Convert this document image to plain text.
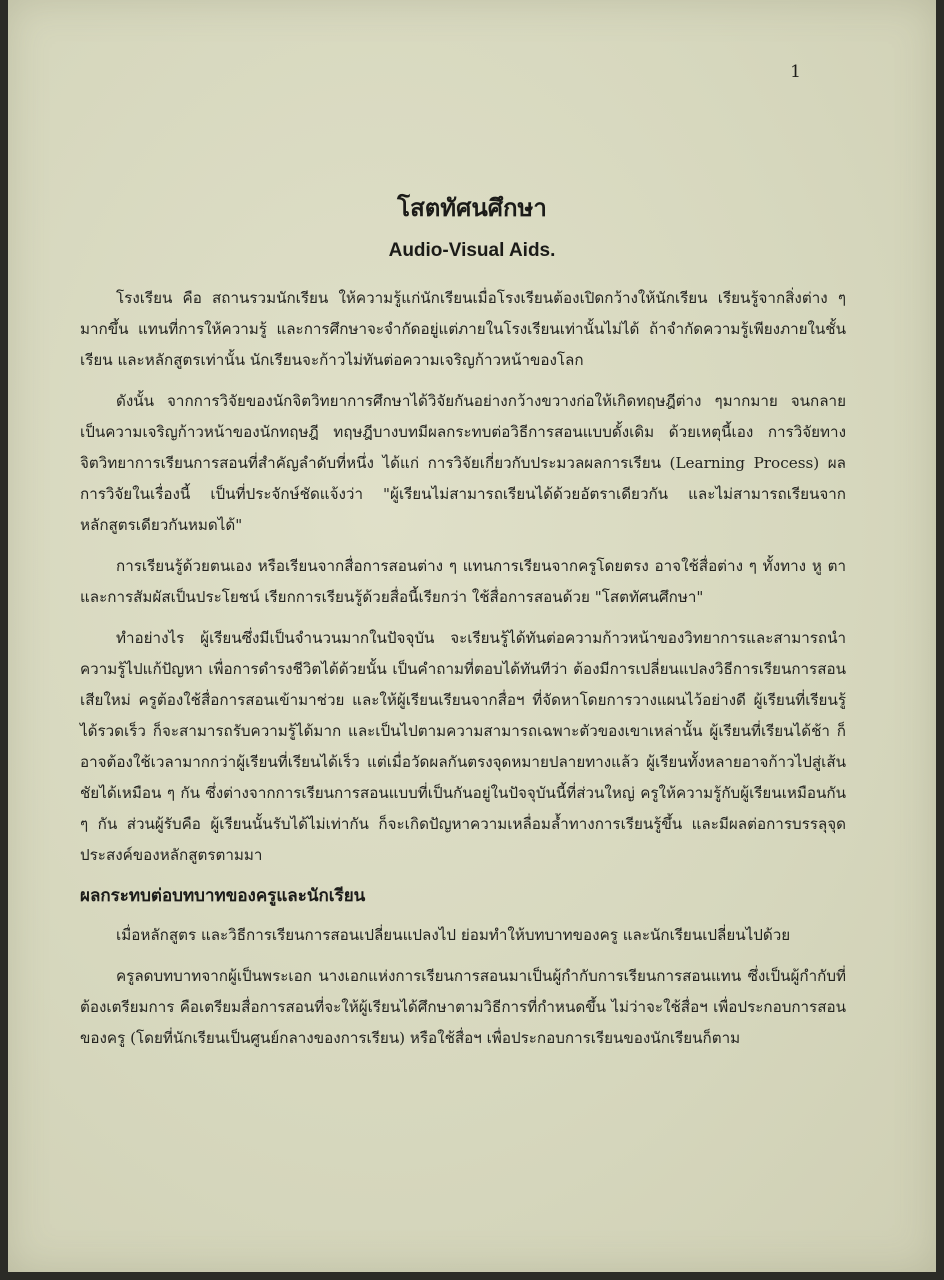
1
โสตทัศนศึกษา
Audio-Visual Aids.

โรงเรียน คือ สถานรวมนักเรียน ให้ความรู้แก่นักเรียนเมื่อโรงเรียนต้องเปิดกว้างให้นักเรียน เรียนรู้จากสิ่งต่าง ๆ มากขึ้น แทนที่การให้ความรู้ และการศึกษาจะจำกัดอยู่แต่ภายในโรงเรียนเท่านั้นไม่ได้ ถ้าจำกัดความรู้เพียงภายในชั้นเรียน และหลักสูตรเท่านั้น นักเรียนจะก้าวไม่ทันต่อความเจริญก้าวหน้าของโลก

ดังนั้น จากการวิจัยของนักจิตวิทยาการศึกษาได้วิจัยกันอย่างกว้างขวางก่อให้เกิดทฤษฎีต่าง ๆมากมาย จนกลายเป็นความเจริญก้าวหน้าของนักทฤษฎี ทฤษฎีบางบทมีผลกระทบต่อวิธีการสอนแบบดั้งเดิม ด้วยเหตุนี้เอง การวิจัยทางจิตวิทยาการเรียนการสอนที่สำคัญลำดับที่หนึ่ง ได้แก่ การวิจัยเกี่ยวกับประมวลผลการเรียน (Learning Process) ผลการวิจัยในเรื่องนี้ เป็นที่ประจักษ์ชัดแจ้งว่า "ผู้เรียนไม่สามารถเรียนได้ด้วยอัตราเดียวกัน และไม่สามารถเรียนจากหลักสูตรเดียวกันหมดได้"

การเรียนรู้ด้วยตนเอง หรือเรียนจากสื่อการสอนต่าง ๆ แทนการเรียนจากครูโดยตรง อาจใช้สื่อต่าง ๆ ทั้งทาง หู ตา และการสัมผัสเป็นประโยชน์ เรียกการเรียนรู้ด้วยสื่อนี้เรียกว่า ใช้สื่อการสอนด้วย "โสตทัศนศึกษา"

ทำอย่างไร ผู้เรียนซึ่งมีเป็นจำนวนมากในปัจจุบัน จะเรียนรู้ได้ทันต่อความก้าวหน้าของวิทยาการและสามารถนำความรู้ไปแก้ปัญหา เพื่อการดำรงชีวิตได้ด้วยนั้น เป็นคำถามที่ตอบได้ทันทีว่า ต้องมีการเปลี่ยนแปลงวิธีการเรียนการสอนเสียใหม่ ครูต้องใช้สื่อการสอนเข้ามาช่วย และให้ผู้เรียนเรียนจากสื่อฯ ที่จัดหาโดยการวางแผนไว้อย่างดี ผู้เรียนที่เรียนรู้ได้รวดเร็ว ก็จะสามารถรับความรู้ได้มาก และเป็นไปตามความสามารถเฉพาะตัวของเขาเหล่านั้น ผู้เรียนที่เรียนได้ช้า ก็อาจต้องใช้เวลามากกว่าผู้เรียนที่เรียนได้เร็ว แต่เมื่อวัดผลกันตรงจุดหมายปลายทางแล้ว ผู้เรียนทั้งหลายอาจก้าวไปสู่เส้นชัยได้เหมือน ๆ กัน ซึ่งต่างจากการเรียนการสอนแบบที่เป็นกันอยู่ในปัจจุบันนี้ที่ส่วนใหญ่ ครูให้ความรู้กับผู้เรียนเหมือนกัน ๆ กัน ส่วนผู้รับคือ ผู้เรียนนั้นรับได้ไม่เท่ากัน ก็จะเกิดปัญหาความเหลื่อมล้ำทางการเรียนรู้ขึ้น และมีผลต่อการบรรลุจุดประสงค์ของหลักสูตรตามมา

ผลกระทบต่อบทบาทของครูและนักเรียน

เมื่อหลักสูตร และวิธีการเรียนการสอนเปลี่ยนแปลงไป ย่อมทำให้บทบาทของครู และนักเรียนเปลี่ยนไปด้วย

ครูลดบทบาทจากผู้เป็นพระเอก นางเอกแห่งการเรียนการสอนมาเป็นผู้กำกับการเรียนการสอนแทน ซึ่งเป็นผู้กำกับที่ต้องเตรียมการ คือเตรียมสื่อการสอนที่จะให้ผู้เรียนได้ศึกษาตามวิธีการที่กำหนดขึ้น ไม่ว่าจะใช้สื่อฯ เพื่อประกอบการสอนของครู (โดยที่นักเรียนเป็นศูนย์กลางของการเรียน) หรือใช้สื่อฯ เพื่อประกอบการเรียนของนักเรียนก็ตาม
